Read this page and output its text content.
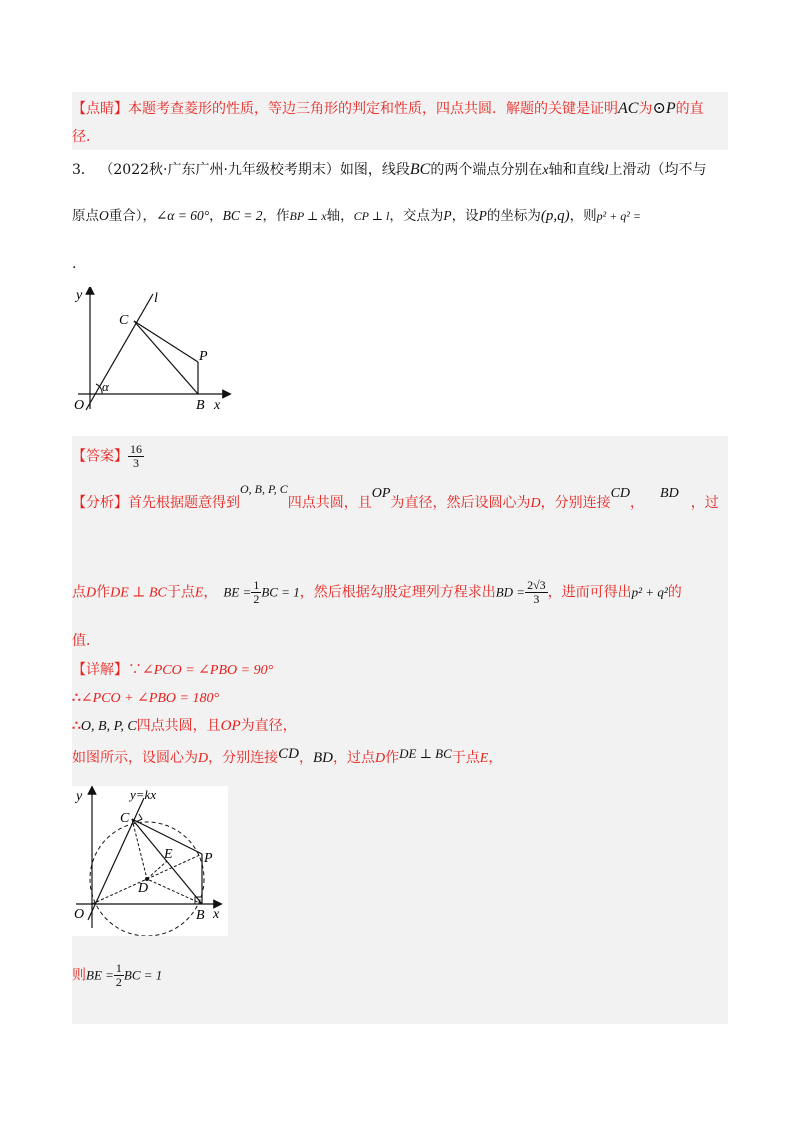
【点睛】本题考查菱形的性质，等边三角形的判定和性质，四点共圆．解题的关键是证明AC为⊙P的直
径．
3． （2022秋·广东广州·九年级校考期末）如图，线段BC的两个端点分别在x轴和直线l上滑动（均不与
原点O重合），∠α = 60°，BC = 2，作BP ⊥ x轴，CP ⊥ l，交点为P，设P的坐标为(p,q)，则p² + q² =
.
y	l
C
P
α
O	B x
【答案】 $\frac{16}{3}$
【分析】首先根据题意得到O, B, P, C四点共圆，且OP为直径，然后设圆心为D，分别连接CD，BD，过
点D作DE ⊥ BC于点E， BE = $\frac{1}{2}$ BC = 1，然后根据勾股定理列方程求出BD = $\frac{2√3}{3}$ ，进而可得出p² + q²的
值．
【详解】∵∠PCO = ∠PBO = 90°
∴∠PCO + ∠PBO = 180°
∴O, B, P, C四点共圆，且OP为直径，
如图所示，设圆心为D，分别连接CD，BD，过点D作DE ⊥ BC于点E，
y	y=kx
C
E P
D
O	B x
则BE = $\frac{1}{2}$ BC = 1
